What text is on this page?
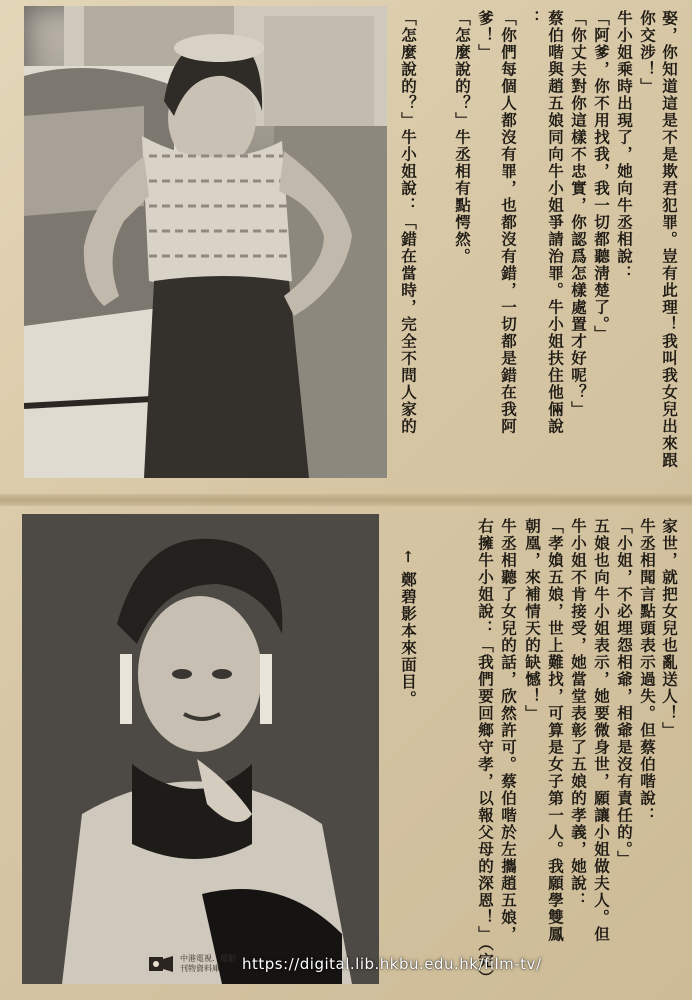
娶，你知道這是不是欺君犯罪。豈有此理！我叫我女兒出來跟
你交涉！」
牛小姐乘時出現了，她向牛丞相說：
「阿爹，你不用找我，我一切都聽淸楚了。」
「你丈夫對你這樣不忠實，你認爲怎樣處置才好呢？」
蔡伯喈與趙五娘同向牛小姐爭請治罪。牛小姐扶住他倆說
：
「你們每個人都沒有罪，也都沒有錯，一切都是錯在我阿
爹！」
「怎麼說的？」牛丞相有點愕然。
「怎麼說的？」牛小姐說：「錯在當時，完全不問人家的
家世，就把女兒也亂送人！」
牛丞相聞言點頭表示過失。但蔡伯喈說：
「小姐，不必埋怨相爺，相爺是沒有責任的。」
五娘也向牛小姐表示，她要微身世，願讓小姐做夫人。但
牛小姐不肯接受，她當堂表彰了五娘的孝義，她說：
「孝媍五娘，世上難找，可算是女子第一人。我願學雙鳳
朝凰，來補情天的缺憾！」
牛丞相聽了女兒的話，欣然許可。蔡伯喈於左攜趙五娘，
右擁牛小姐說：「我們要回鄉守孝，以報父母的深恩！」（完）
← 鄭碧影本來面目。
中港電視．電影
刊物資料庫	https://digital.lib.hkbu.edu.hk/film-tv/
